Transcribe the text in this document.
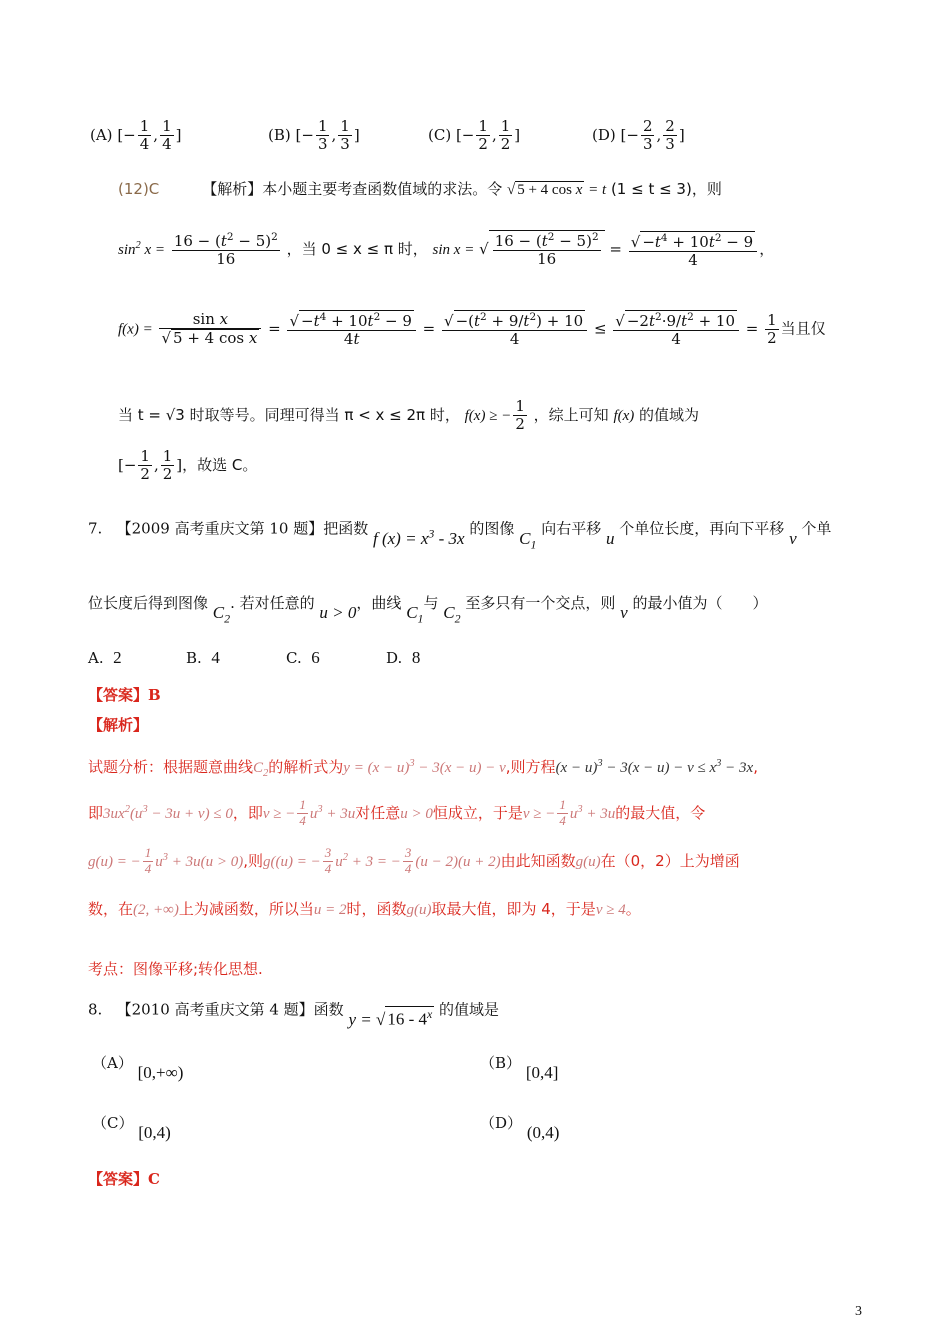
(A) [− $\frac{1}{4}$ , $\frac{1}{4}$ ]	(B) [− $\frac{1}{3}$ , $\frac{1}{3}$ ]	(C) [− $\frac{1}{2}$ , $\frac{1}{2}$ ]	(D) [− $\frac{2}{3}$ , $\frac{2}{3}$ ]
(12)C	【解析】本小题主要考查函数值域的求法。令 √ 5 + 4 cos x = t (1 ≤ t ≤ 3)，则
$\sin^2 x = \frac{16 - (t^2 - 5)^2}{16}$ ，当 0 ≤ x ≤ π 时， sin x = √ $\frac{16 - (t^2 - 5)^2}{16} = \frac{√ -t^4 + 10t^2 - 9}{4}$ ，
$f(x) = \frac{\text{sin x}}{\text{√ 5 + 4 cos x}} = \frac{√ -t^4 + 10t^2 - 9}{4t} = \frac{√ -(t^2 + 9/t^2) + 10}{4} \le \frac{√ -2t^2\cdot 9/t^2 + 10}{4} = \frac{1}{2}$ 当且仅
当 t = √3 时取等号。同理可得当 π < x ≤ 2π 时， f(x) ≥ − $\frac{1}{2}$ ，综上可知 f(x) 的值域为
[− $\frac{1}{2}$ , $\frac{1}{2}$ ]，故选 C。
7. 【2009 高考重庆文第 10 题】把函数 f $(x) = x^3 - 3x$ 的图像 $C_1$ 向右平移 u 个单位长度，再向下平移 v 个单
位长度后得到图像 $C_2$. 若对任意的 u > 0，曲线 $C_1$与 $C_2$ 至多只有一个交点，则 v 的最小值为（　　）
A. 2	B. 4	C. 6	D. 8
【答案】B
【解析】
试题分析：根据题意曲线$C_2$的解析式为$y = (x - u)^3 - 3(x - u) - v$,则方程$(x - u)^3 - 3(x - u) - v \le x^3 - 3x$,
即$3ux^2(u^3 - 3u + v) \le 0$，即v ≥ − $\frac{1}{4} u^3 + 3u$对任意u > 0恒成立，于是v ≥ − $\frac{1}{4} u^3 + 3u$的最大值，令
g(u) = − $\frac{1}{4} u^3 + 3u(u > 0)$,则g((u) = − $\frac{3}{4} u^2 + 3$ = − $\frac{3}{4} (u - 2)(u + 2)$由此知函数g(u)在（0，2）上为增函
数，在(2, +∞)上为减函数，所以当u = 2时，函数g(u)取最大值，即为 4，于是v ≥ 4。
考点：图像平移;转化思想.
8. 【2010 高考重庆文第 4 题】函数 y = √ 16 - 4$^x$ 的值域是
（A） [0,+∞)	（B） [0,4]
（C） [0,4)	（D） (0,4)
【答案】C
3
